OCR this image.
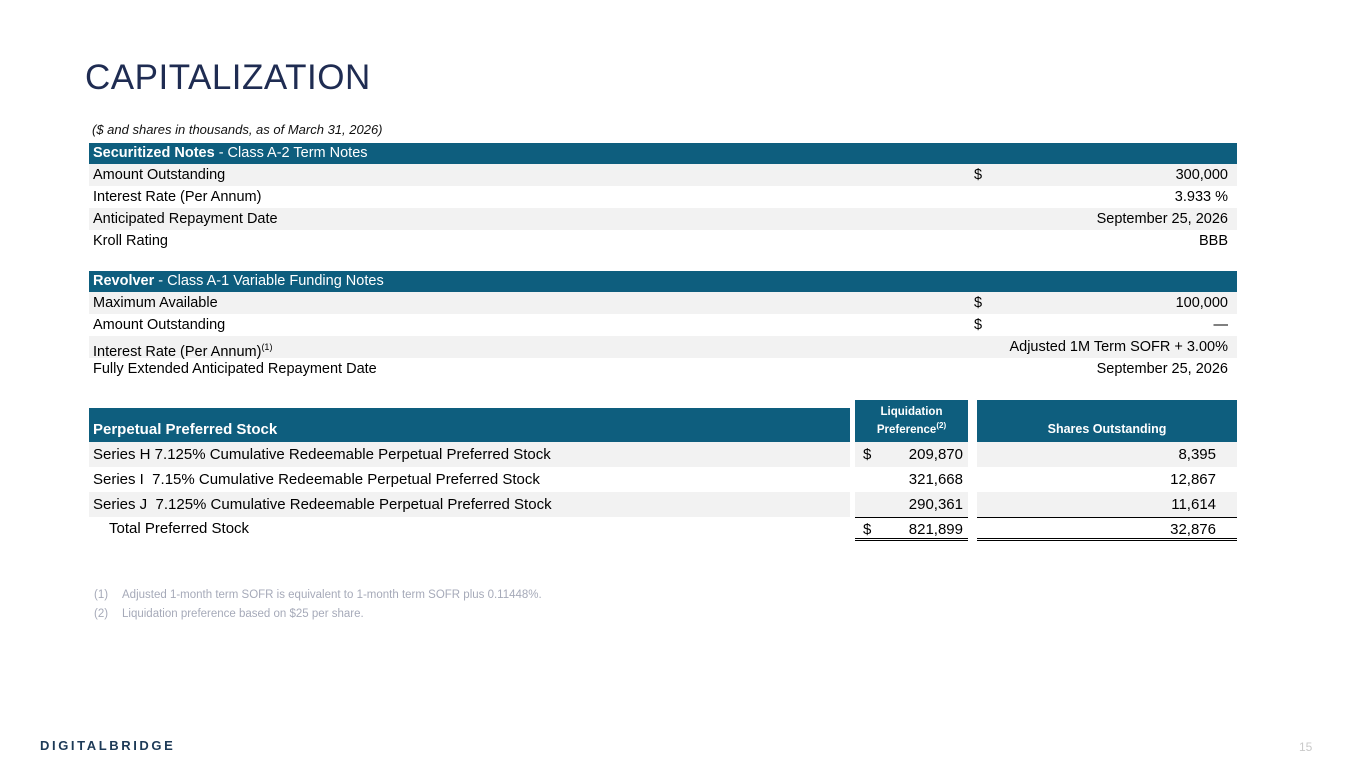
CAPITALIZATION
($ and shares in thousands, as of March 31, 2026)
Securitized Notes - Class A-2 Term Notes
Amount Outstanding	$	300,000
Interest Rate (Per Annum)	3.933 %
Anticipated Repayment Date	September 25, 2026
Kroll Rating	BBB
Revolver - Class A-1 Variable Funding Notes
Maximum Available	$	100,000
Amount Outstanding	$	—
Interest Rate (Per Annum)$^{(1)}$	Adjusted 1M Term SOFR + 3.00%
Fully Extended Anticipated Repayment Date	September 25, 2026
Perpetual Preferred Stock
Liquidation
Preference$^{(2)}$	Shares Outstanding
Series H 7.125% Cumulative Redeemable Perpetual Preferred Stock	$	209,870	8,395
Series I  7.15% Cumulative Redeemable Perpetual Preferred Stock	321,668	12,867
Series J  7.125% Cumulative Redeemable Perpetual Preferred Stock	290,361	11,614
Total Preferred Stock	$	821,899	32,876
(1)	Adjusted 1-month term SOFR is equivalent to 1-month term SOFR plus 0.11448%.
(2)	Liquidation preference based on $25 per share.
DIGITALBRIDGE	15
